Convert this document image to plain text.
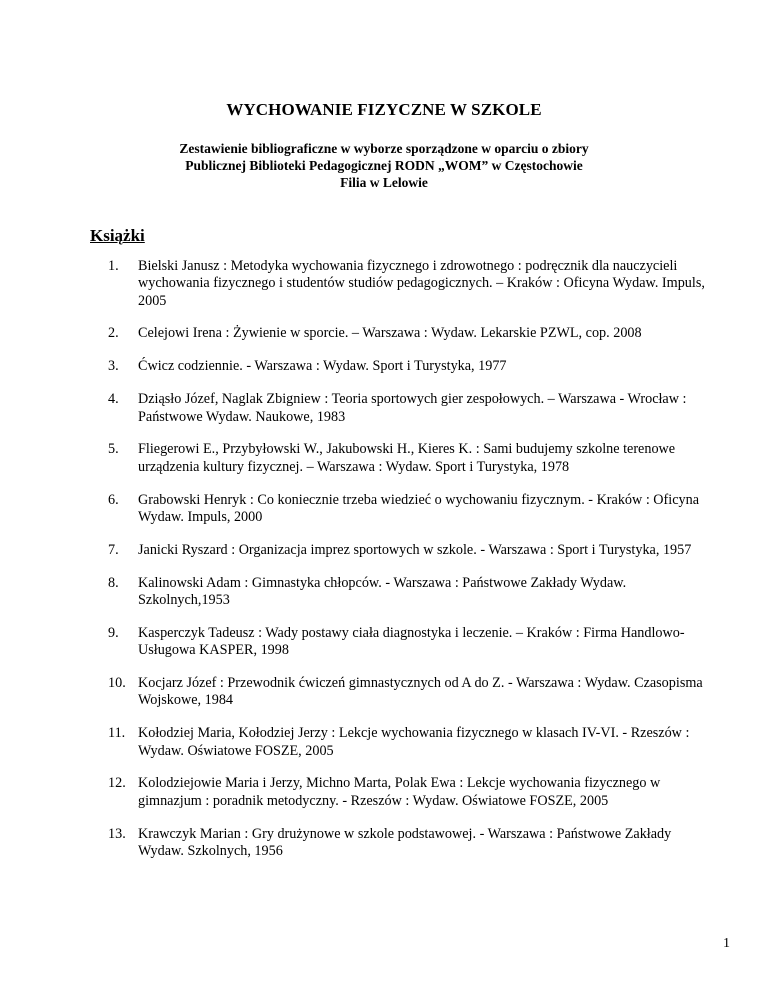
WYCHOWANIE FIZYCZNE W SZKOLE
Zestawienie bibliograficzne w wyborze sporządzone w oparciu o zbiory
Publicznej Biblioteki Pedagogicznej RODN „WOM” w Częstochowie
Filia w Lelowie
Książki
1. Bielski Janusz : Metodyka wychowania fizycznego i zdrowotnego : podręcznik dla nauczycieli wychowania fizycznego i studentów studiów pedagogicznych. – Kraków : Oficyna Wydaw. Impuls, 2005
2. Celejowi Irena : Żywienie w sporcie. – Warszawa : Wydaw. Lekarskie PZWL, cop. 2008
3. Ćwicz codziennie. - Warszawa : Wydaw. Sport i Turystyka, 1977
4. Dziąsło Józef, Naglak Zbigniew : Teoria sportowych gier zespołowych. – Warszawa - Wrocław : Państwowe Wydaw. Naukowe, 1983
5. Fliegerowi E., Przybyłowski W., Jakubowski H., Kieres K. : Sami budujemy szkolne terenowe urządzenia kultury fizycznej. – Warszawa : Wydaw. Sport i Turystyka, 1978
6. Grabowski Henryk : Co koniecznie trzeba wiedzieć o wychowaniu fizycznym. - Kraków : Oficyna Wydaw. Impuls, 2000
7. Janicki Ryszard : Organizacja imprez sportowych w szkole. - Warszawa : Sport i Turystyka, 1957
8. Kalinowski Adam : Gimnastyka chłopców. - Warszawa : Państwowe Zakłady Wydaw. Szkolnych,1953
9. Kasperczyk Tadeusz : Wady postawy ciała diagnostyka i leczenie. – Kraków : Firma Handlowo-Usługowa KASPER, 1998
10. Kocjarz Józef : Przewodnik ćwiczeń gimnastycznych od A do Z. - Warszawa : Wydaw. Czasopisma Wojskowe, 1984
11. Kołodziej Maria, Kołodziej Jerzy : Lekcje wychowania fizycznego w klasach IV-VI. - Rzeszów : Wydaw. Oświatowe FOSZE, 2005
12. Kolodziejowie Maria i Jerzy, Michno Marta, Polak Ewa : Lekcje wychowania fizycznego w gimnazjum : poradnik metodyczny. - Rzeszów : Wydaw. Oświatowe FOSZE, 2005
13. Krawczyk Marian : Gry drużynowe w szkole podstawowej. - Warszawa : Państwowe Zakłady Wydaw. Szkolnych, 1956
1
